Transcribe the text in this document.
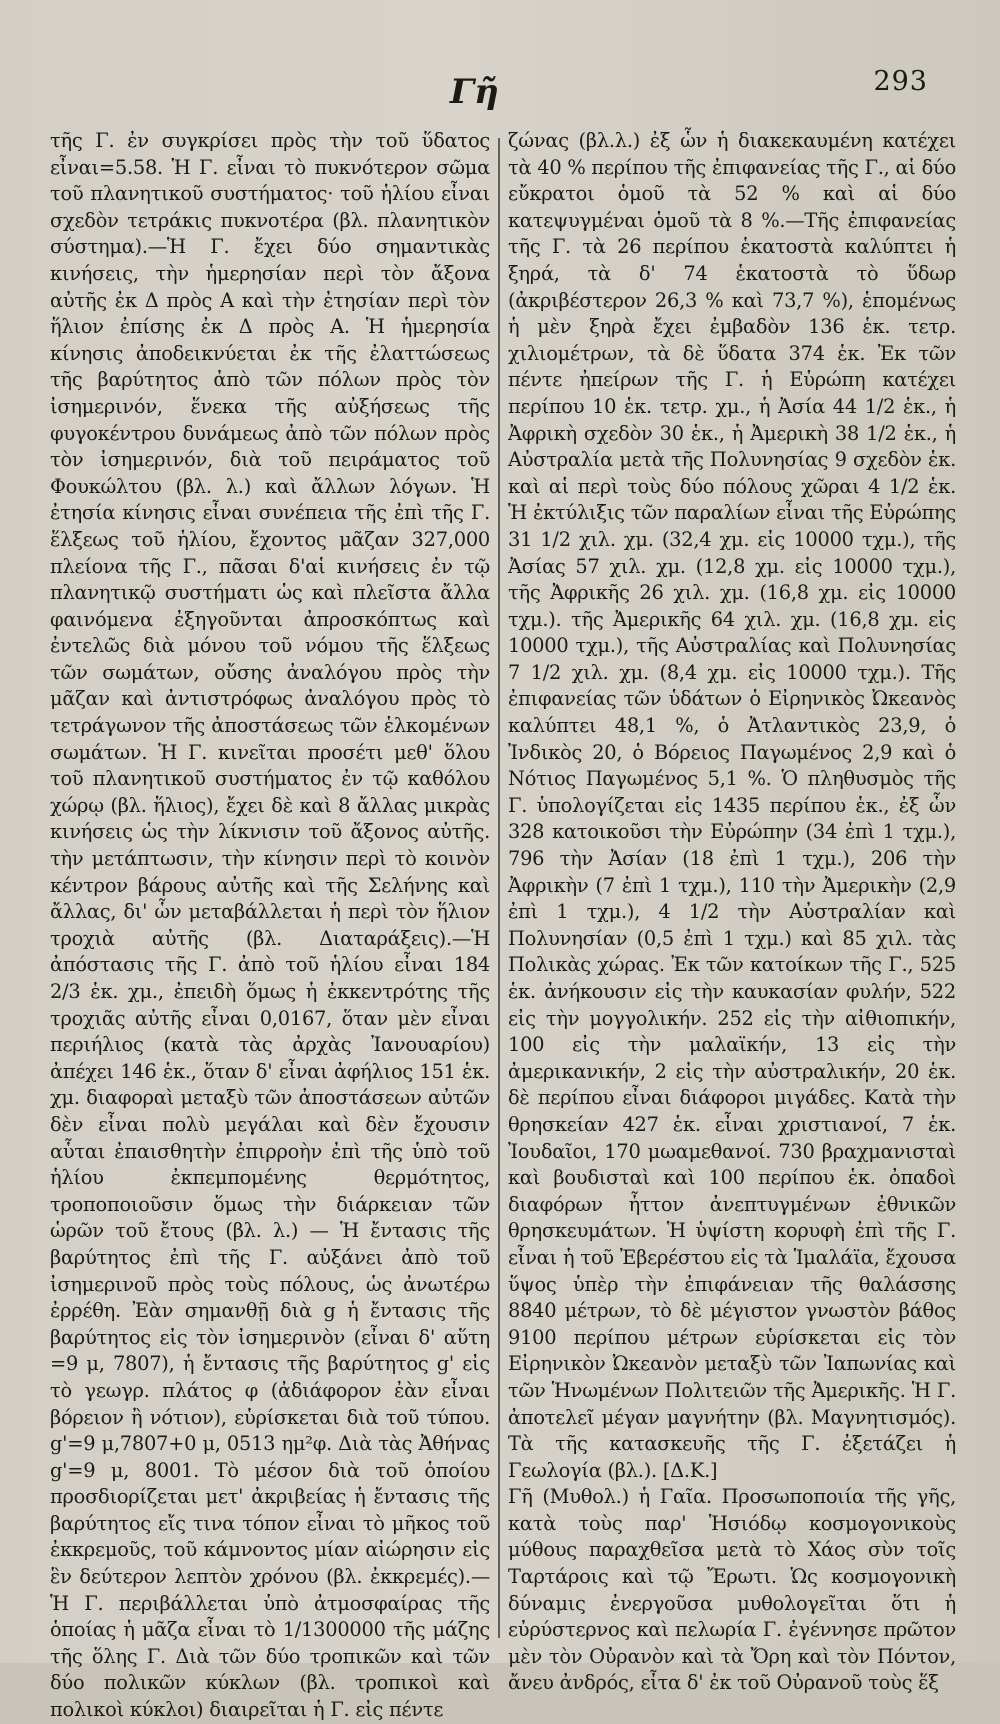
Γῆ	293

τῆς Γ. ἐν συγκρίσει πρὸς τὴν τοῦ ὕδατος εἶναι=5.58. Ἡ Γ. εἶναι τὸ πυκνότερον σῶμα τοῦ πλανητικοῦ συστήματος· τοῦ ἡλίου εἶναι σχεδὸν τετράκις πυκνοτέρα (βλ. πλανητικὸν σύστημα).—Ἡ Γ. ἔχει δύο σημαντικὰς κινήσεις, τὴν ἡμερησίαν περὶ τὸν ἄξονα αὐτῆς ἐκ Δ πρὸς Α καὶ τὴν ἐτησίαν περὶ τὸν ἥλιον ἐπίσης ἐκ Δ πρὸς Α. Ἡ ἡμερησία κίνησις ἀποδεικνύεται ἐκ τῆς ἐλαττώσεως τῆς βαρύτητος ἀπὸ τῶν πόλων πρὸς τὸν ἰσημερινόν, ἕνεκα τῆς αὐξήσεως τῆς φυγοκέντρου δυνάμεως ἀπὸ τῶν πόλων πρὸς τὸν ἰσημερινόν, διὰ τοῦ πειράματος τοῦ Φουκώλτου (βλ. λ.) καὶ ἄλλων λόγων. Ἡ ἐτησία κίνησις εἶναι συνέπεια τῆς ἐπὶ τῆς Γ. ἕλξεως τοῦ ἡλίου, ἔχοντος μᾶζαν 327,000 πλείονα τῆς Γ., πᾶσαι δ'αἱ κινήσεις ἐν τῷ πλανητικῷ συστήματι ὡς καὶ πλεῖστα ἄλλα φαινόμενα ἐξηγοῦνται ἀπροσκόπτως καὶ ἐντελῶς διὰ μόνου τοῦ νόμου τῆς ἕλξεως τῶν σωμάτων, οὔσης ἀναλόγου πρὸς τὴν μᾶζαν καὶ ἀντιστρόφως ἀναλόγου πρὸς τὸ τετράγωνον τῆς ἀποστάσεως τῶν ἑλκομένων σωμάτων. Ἡ Γ. κινεῖται προσέτι μεθ' ὅλου τοῦ πλανητικοῦ συστήματος ἐν τῷ καθόλου χώρῳ (βλ. ἥλιος), ἔχει δὲ καὶ 8 ἄλλας μικρὰς κινήσεις ὡς τὴν λίκνισιν τοῦ ἄξονος αὐτῆς. τὴν μετάπτωσιν, τὴν κίνησιν περὶ τὸ κοινὸν κέντρον βάρους αὐτῆς καὶ τῆς Σελήνης καὶ ἄλλας, δι' ὧν μεταβάλλεται ἡ περὶ τὸν ἥλιον τροχιὰ αὐτῆς (βλ. Διαταράξεις).—Ἡ ἀπόστασις τῆς Γ. ἀπὸ τοῦ ἡλίου εἶναι 184 2/3 ἑκ. χμ., ἐπειδὴ ὅμως ἡ ἐκκεντρότης τῆς τροχιᾶς αὐτῆς εἶναι 0,0167, ὅταν μὲν εἶναι περιήλιος (κατὰ τὰς ἀρχὰς Ἰανουαρίου) ἀπέχει 146 ἑκ., ὅταν δ' εἶναι ἀφήλιος 151 ἑκ. χμ. διαφοραὶ μεταξὺ τῶν ἀποστάσεων αὐτῶν δὲν εἶναι πολὺ μεγάλαι καὶ δὲν ἔχουσιν αὗται ἐπαισθητὴν ἐπιρροὴν ἐπὶ τῆς ὑπὸ τοῦ ἡλίου ἐκπεμπομένης θερμότητος, τροποποιοῦσιν ὅμως τὴν διάρκειαν τῶν ὡρῶν τοῦ ἔτους (βλ. λ.) — Ἡ ἔντασις τῆς βαρύτητος ἐπὶ τῆς Γ. αὐξάνει ἀπὸ τοῦ ἰσημερινοῦ πρὸς τοὺς πόλους, ὡς ἀνωτέρω ἐρρέθη. Ἐὰν σημανθῇ διὰ g ἡ ἔντασις τῆς βαρύτητος εἰς τὸν ἰσημερινὸν (εἶναι δ' αὕτη =9 μ, 7807), ἡ ἔντασις τῆς βαρύτητος g' εἰς τὸ γεωγρ. πλάτος φ (ἀδιάφορον ἐὰν εἶναι βόρειον ἢ νότιον), εὑρίσκεται διὰ τοῦ τύπου. g'=9 μ,7807+0 μ, 0513 ημ²φ. Διὰ τὰς Ἀθήνας g'=9 μ, 8001. Τὸ μέσον διὰ τοῦ ὁποίου προσδιορίζεται μετ' ἀκριβείας ἡ ἔντασις τῆς βαρύτητος εἴς τινα τόπον εἶναι τὸ μῆκος τοῦ ἐκκρεμοῦς, τοῦ κάμνοντος μίαν αἰώρησιν εἰς ἓν δεύτερον λεπτὸν χρόνου (βλ. ἐκκρεμές).—Ἡ Γ. περιβάλλεται ὑπὸ ἀτμοσφαίρας τῆς ὁποίας ἡ μᾶζα εἶναι τὸ 1/1300000 τῆς μάζης τῆς ὅλης Γ. Διὰ τῶν δύο τροπικῶν καὶ τῶν δύο πολικῶν κύκλων (βλ. τροπικοὶ καὶ πολικοὶ κύκλοι) διαιρεῖται ἡ Γ. εἰς πέντε

ζώνας (βλ.λ.) ἐξ ὧν ἡ διακεκαυμένη κατέχει τὰ 40 % περίπου τῆς ἐπιφανείας τῆς Γ., αἱ δύο εὔκρατοι ὁμοῦ τὰ 52 % καὶ αἱ δύο κατεψυγμέναι ὁμοῦ τὰ 8 %.—Τῆς ἐπιφανείας τῆς Γ. τὰ 26 περίπου ἑκατοστὰ καλύπτει ἡ ξηρά, τὰ δ' 74 ἑκατοστὰ τὸ ὕδωρ (ἀκριβέστερον 26,3 % καὶ 73,7 %), ἑπομένως ἡ μὲν ξηρὰ ἔχει ἐμβαδὸν 136 ἑκ. τετρ. χιλιομέτρων, τὰ δὲ ὕδατα 374 ἑκ. Ἐκ τῶν πέντε ἠπείρων τῆς Γ. ἡ Εὐρώπη κατέχει περίπου 10 ἑκ. τετρ. χμ., ἡ Ἀσία 44 1/2 ἑκ., ἡ Ἀφρικὴ σχεδὸν 30 ἑκ., ἡ Ἀμερικὴ 38 1/2 ἑκ., ἡ Αὐστραλία μετὰ τῆς Πολυνησίας 9 σχεδὸν ἑκ. καὶ αἱ περὶ τοὺς δύο πόλους χῶραι 4 1/2 ἑκ. Ἡ ἐκτύλιξις τῶν παραλίων εἶναι τῆς Εὐρώπης 31 1/2 χιλ. χμ. (32,4 χμ. εἰς 10000 τχμ.), τῆς Ἀσίας 57 χιλ. χμ. (12,8 χμ. εἰς 10000 τχμ.), τῆς Ἀφρικῆς 26 χιλ. χμ. (16,8 χμ. εἰς 10000 τχμ.). τῆς Ἀμερικῆς 64 χιλ. χμ. (16,8 χμ. εἰς 10000 τχμ.), τῆς Αὐστραλίας καὶ Πολυνησίας 7 1/2 χιλ. χμ. (8,4 χμ. εἰς 10000 τχμ.). Τῆς ἐπιφανείας τῶν ὑδάτων ὁ Εἰρηνικὸς Ὠκεανὸς καλύπτει 48,1 %, ὁ Ἀτλαντικὸς 23,9, ὁ Ἰνδικὸς 20, ὁ Βόρειος Παγωμένος 2,9 καὶ ὁ Νότιος Παγωμένος 5,1 %. Ὁ πληθυσμὸς τῆς Γ. ὑπολογίζεται εἰς 1435 περίπου ἑκ., ἐξ ὧν 328 κατοικοῦσι τὴν Εὐρώπην (34 ἐπὶ 1 τχμ.), 796 τὴν Ἀσίαν (18 ἐπὶ 1 τχμ.), 206 τὴν Ἀφρικὴν (7 ἐπὶ 1 τχμ.), 110 τὴν Ἀμερικὴν (2,9 ἐπὶ 1 τχμ.), 4 1/2 τὴν Αὐστραλίαν καὶ Πολυνησίαν (0,5 ἐπὶ 1 τχμ.) καὶ 85 χιλ. τὰς Πολικὰς χώρας. Ἐκ τῶν κατοίκων τῆς Γ., 525 ἑκ. ἀνήκουσιν εἰς τὴν καυκασίαν φυλήν, 522 εἰς τὴν μογγολικήν. 252 εἰς τὴν αἰθιοπικήν, 100 εἰς τὴν μαλαϊκήν, 13 εἰς τὴν ἀμερικανικήν, 2 εἰς τὴν αὐστραλικήν, 20 ἑκ. δὲ περίπου εἶναι διάφοροι μιγάδες. Κατὰ τὴν θρησκείαν 427 ἑκ. εἶναι χριστιανοί, 7 ἑκ. Ἰουδαῖοι, 170 μωαμεθανοί. 730 βραχμανισταὶ καὶ βουδισταὶ καὶ 100 περίπου ἑκ. ὀπαδοὶ διαφόρων ἧττον ἀνεπτυγμένων ἐθνικῶν θρησκευμάτων. Ἡ ὑψίστη κορυφὴ ἐπὶ τῆς Γ. εἶναι ἡ τοῦ Ἐβερέστου εἰς τὰ Ἱμαλάϊα, ἔχουσα ὕψος ὑπὲρ τὴν ἐπιφάνειαν τῆς θαλάσσης 8840 μέτρων, τὸ δὲ μέγιστον γνωστὸν βάθος 9100 περίπου μέτρων εὑρίσκεται εἰς τὸν Εἰρηνικὸν Ὠκεανὸν μεταξὺ τῶν Ἰαπωνίας καὶ τῶν Ἡνωμένων Πολιτειῶν τῆς Ἀμερικῆς. Ἡ Γ. ἀποτελεῖ μέγαν μαγνήτην (βλ. Μαγνητισμός). Τὰ τῆς κατασκευῆς τῆς Γ. ἐξετάζει ἡ Γεωλογία (βλ.). [Δ.Κ.]

Γῆ (Μυθολ.) ἡ Γαῖα. Προσωποποιία τῆς γῆς, κατὰ τοὺς παρ' Ἡσιόδῳ κοσμογονικοὺς μύθους παραχθεῖσα μετὰ τὸ Χάος σὺν τοῖς Ταρτάροις καὶ τῷ Ἔρωτι. Ὡς κοσμογονικὴ δύναμις ἐνεργοῦσα μυθολογεῖται ὅτι ἡ εὐρύστερνος καὶ πελωρία Γ. ἐγέννησε πρῶτον μὲν τὸν Οὐρανὸν καὶ τὰ Ὄρη καὶ τὸν Πόντον, ἄνευ ἀνδρός, εἶτα δ' ἐκ τοῦ Οὐρανοῦ τοὺς ἕξ
